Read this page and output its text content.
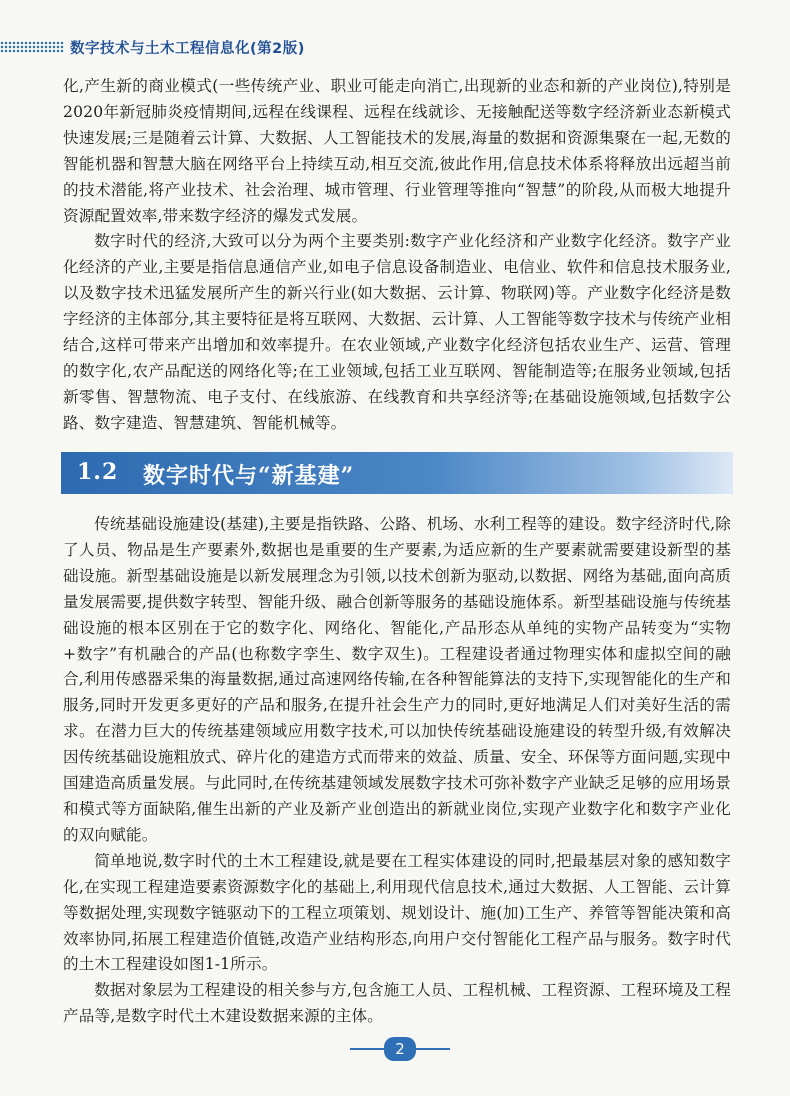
数字技术与土木工程信息化(第2版)

化,产生新的商业模式(一些传统产业、职业可能走向消亡,出现新的业态和新的产业岗位),特别是2020年新冠肺炎疫情期间,远程在线课程、远程在线就诊、无接触配送等数字经济新业态新模式快速发展;三是随着云计算、大数据、人工智能技术的发展,海量的数据和资源集聚在一起,无数的智能机器和智慧大脑在网络平台上持续互动,相互交流,彼此作用,信息技术体系将释放出远超当前的技术潜能,将产业技术、社会治理、城市管理、行业管理等推向“智慧”的阶段,从而极大地提升资源配置效率,带来数字经济的爆发式发展。

数字时代的经济,大致可以分为两个主要类别:数字产业化经济和产业数字化经济。数字产业化经济的产业,主要是指信息通信产业,如电子信息设备制造业、电信业、软件和信息技术服务业,以及数字技术迅猛发展所产生的新兴行业(如大数据、云计算、物联网)等。产业数字化经济是数字经济的主体部分,其主要特征是将互联网、大数据、云计算、人工智能等数字技术与传统产业相结合,这样可带来产出增加和效率提升。在农业领域,产业数字化经济包括农业生产、运营、管理的数字化,农产品配送的网络化等;在工业领域,包括工业互联网、智能制造等;在服务业领域,包括新零售、智慧物流、电子支付、在线旅游、在线教育和共享经济等;在基础设施领域,包括数字公路、数字建造、智慧建筑、智能机械等。

1.2 数字时代与“新基建”

传统基础设施建设(基建),主要是指铁路、公路、机场、水利工程等的建设。数字经济时代,除了人员、物品是生产要素外,数据也是重要的生产要素,为适应新的生产要素就需要建设新型的基础设施。新型基础设施是以新发展理念为引领,以技术创新为驱动,以数据、网络为基础,面向高质量发展需要,提供数字转型、智能升级、融合创新等服务的基础设施体系。新型基础设施与传统基础设施的根本区别在于它的数字化、网络化、智能化,产品形态从单纯的实物产品转变为“实物+数字”有机融合的产品(也称数字孪生、数字双生)。工程建设者通过物理实体和虚拟空间的融合,利用传感器采集的海量数据,通过高速网络传输,在各种智能算法的支持下,实现智能化的生产和服务,同时开发更多更好的产品和服务,在提升社会生产力的同时,更好地满足人们对美好生活的需求。在潜力巨大的传统基建领域应用数字技术,可以加快传统基础设施建设的转型升级,有效解决因传统基础设施粗放式、碎片化的建造方式而带来的效益、质量、安全、环保等方面问题,实现中国建造高质量发展。与此同时,在传统基建领域发展数字技术可弥补数字产业缺乏足够的应用场景和模式等方面缺陷,催生出新的产业及新产业创造出的新就业岗位,实现产业数字化和数字产业化的双向赋能。

简单地说,数字时代的土木工程建设,就是要在工程实体建设的同时,把最基层对象的感知数字化,在实现工程建造要素资源数字化的基础上,利用现代信息技术,通过大数据、人工智能、云计算等数据处理,实现数字链驱动下的工程立项策划、规划设计、施(加)工生产、养管等智能决策和高效率协同,拓展工程建造价值链,改造产业结构形态,向用户交付智能化工程产品与服务。数字时代的土木工程建设如图1-1所示。

数据对象层为工程建设的相关参与方,包含施工人员、工程机械、工程资源、工程环境及工程产品等,是数字时代土木建设数据来源的主体。

2
